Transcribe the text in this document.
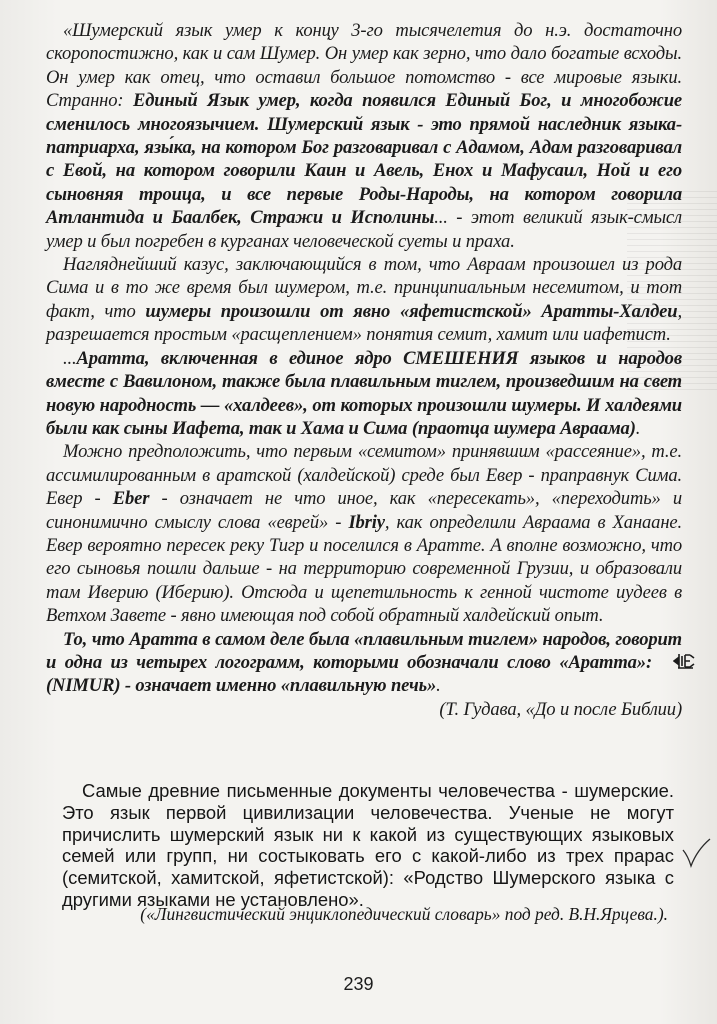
«Шумерский язык умер к концу 3-го тысячелетия до н.э. достаточно скоропостижно, как и сам Шумер. Он умер как зерно, что дало богатые всходы. Он умер как отец, что оставил большое потомство - все мировые языки. Странно: Единый Язык умер, когда появился Единый Бог, и многобожие сменилось многоязычием. Шумерский язык - это прямой наследник языка-патриарха, язы́ка, на котором Бог разговаривал с Адамом, Адам разговаривал с Евой, на котором говорили Каин и Авель, Енох и Мафусаил, Ной и его сыновняя троица, и все первые Роды-Народы, на котором говорила Атлантида и Баалбек, Стражи и Исполины... - этот великий язык-смысл умер и был погребен в курганах человеческой суеты и праха.

Нагляднейший казус, заключающийся в том, что Авраам произошел из рода Сима и в то же время был шумером, т.е. принципиальным несемитом, и тот факт, что шумеры произошли от явно «яфетистской» Аратты-Халдеи, разрешается простым «расщеплением» понятия семит, хамит или иафетист.

...Аратта, включенная в единое ядро СМЕШЕНИЯ языков и народов вместе с Вавилоном, также была плавильным тиглем, произведшим на свет новую народность — «халдеев», от которых произошли шумеры. И халдеями были как сыны Иафета, так и Хама и Сима (праотца шумера Авраама).

Можно предположить, что первым «семитом» принявшим «рассеяние», т.е. ассимилированным в аратской (халдейской) среде был Евер - праправнук Сима. Евер - Eber - означает не что иное, как «пересекать», «переходить» и синонимично смыслу слова «еврей» - Ibriy, как определили Авраама в Ханаане. Евер вероятно пересек реку Тигр и поселился в Аратте. А вполне возможно, что его сыновья пошли дальше - на территорию современной Грузии, и образовали там Иверию (Иберию). Отсюда и щепетильность к генной чистоте иудеев в Ветхом Завете - явно имеющая под собой обратный халдейский опыт.

То, что Аратта в самом деле была «плавильным тиглем» народов, говорит и одна из четырех логограмм, которыми обозначали слово «Аратта»:(NIMUR) - означает именно «плавильную печь».

(Т. Гудава, «До и после Библии)

Самые древние письменные документы человечества - шумерские. Это язык первой цивилизации человечества. Ученые не могут причислить шумерский язык ни к какой из существующих языковых семей или групп, ни состыковать его с какой-либо из трех прарас (семитской, хамитской, яфетистской): «Родство Шумерского языка с другими языками не установлено».
(«Лингвистический энциклопедический словарь» под ред. В.Н.Ярцева.).
239
